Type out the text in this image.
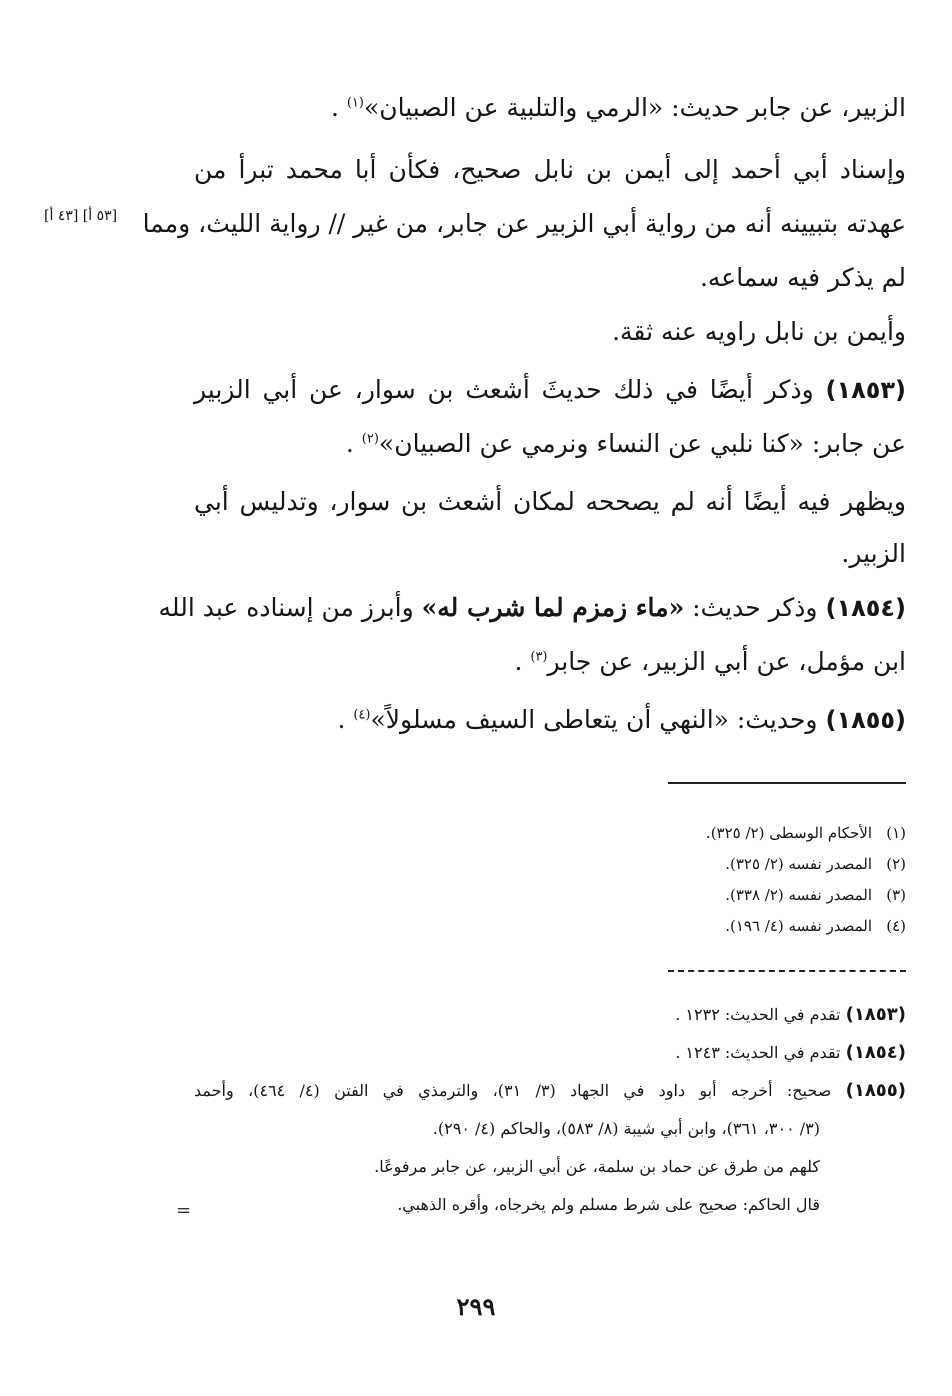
الزبير، عن جابر حديث: «الرمي والتلبية عن الصبيان»$^{(١)}$ .
وإسناد أبي أحمد إلى أيمن بن نابل صحيح، فكأن أبا محمد تبرأ من
[٥٣ أ] [٤٣ أ]	عهدته بتبيينه أنه من رواية أبي الزبير عن جابر، من غير // رواية الليث، ومما
لم يذكر فيه سماعه.
وأيمن بن نابل راويه عنه ثقة.
(١٨٥٣) وذكر أيضًا في ذلك حديثَ أشعث بن سوار، عن أبي الزبير
عن جابر: «كنا نلبي عن النساء ونرمي عن الصبيان»$^{(٢)}$ .
ويظهر فيه أيضًا أنه لم يصححه لمكان أشعث بن سوار، وتدليس أبي
الزبير.
(١٨٥٤) وذكر حديث: «ماء زمزم لما شرب له» وأبرز من إسناده عبد الله
ابن مؤمل، عن أبي الزبير، عن جابر$^{(٣)}$ .
(١٨٥٥) وحديث: «النهي أن يتعاطى السيف مسلولاً»$^{(٤)}$ .
(١)الأحكام الوسطى (٢/ ٣٢٥).
(٢)المصدر نفسه (٢/ ٣٢٥).
(٣)المصدر نفسه (٢/ ٣٣٨).
(٤)المصدر نفسه (٤/ ١٩٦).
(١٨٥٣) تقدم في الحديث: ١٢٣٢ .
(١٨٥٤) تقدم في الحديث: ١٢٤٣ .
(١٨٥٥) صحيح: أخرجه أبو داود في الجهاد (٣/ ٣١)، والترمذي في الفتن (٤/ ٤٦٤)، وأحمد
(٣/ ٣٠٠، ٣٦١)، وابن أبي شيبة (٨/ ٥٨٣)، والحاكم (٤/ ٢٩٠).
كلهم من طرق عن حماد بن سلمة، عن أبي الزبير، عن جابر مرفوعًا.
قال الحاكم: صحيح على شرط مسلم ولم يخرجاه، وأقره الذهبي.
=
٢٩٩
